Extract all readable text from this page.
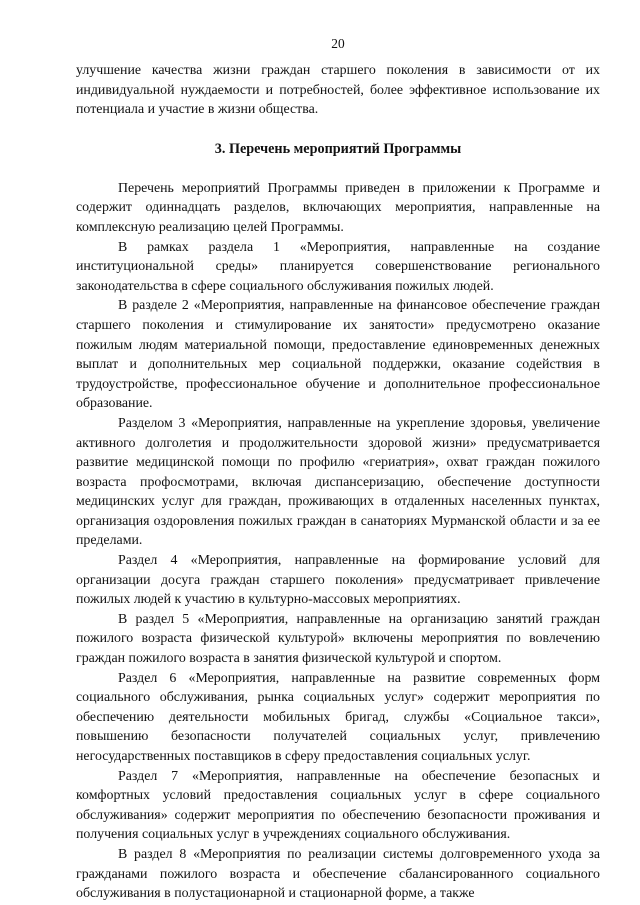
20

улучшение качества жизни граждан старшего поколения в зависимости от их индивидуальной нуждаемости и потребностей, более эффективное использование их потенциала и участие в жизни общества.

3. Перечень мероприятий Программы

Перечень мероприятий Программы приведен в приложении к Программе и содержит одиннадцать разделов, включающих мероприятия, направленные на комплексную реализацию целей Программы.

В рамках раздела 1 «Мероприятия, направленные на создание институциональной среды» планируется совершенствование регионального законодательства в сфере социального обслуживания пожилых людей.

В разделе 2 «Мероприятия, направленные на финансовое обеспечение граждан старшего поколения и стимулирование их занятости» предусмотрено оказание пожилым людям материальной помощи, предоставление единовременных денежных выплат и дополнительных мер социальной поддержки, оказание содействия в трудоустройстве, профессиональное обучение и дополнительное профессиональное образование.

Разделом 3 «Мероприятия, направленные на укрепление здоровья, увеличение активного долголетия и продолжительности здоровой жизни» предусматривается развитие медицинской помощи по профилю «гериатрия», охват граждан пожилого возраста профосмотрами, включая диспансеризацию, обеспечение доступности медицинских услуг для граждан, проживающих в отдаленных населенных пунктах, организация оздоровления пожилых граждан в санаториях Мурманской области и за ее пределами.

Раздел 4 «Мероприятия, направленные на формирование условий для организации досуга граждан старшего поколения» предусматривает привлечение пожилых людей к участию в культурно-массовых мероприятиях.

В раздел 5 «Мероприятия, направленные на организацию занятий граждан пожилого возраста физической культурой» включены мероприятия по вовлечению граждан пожилого возраста в занятия физической культурой и спортом.

Раздел 6 «Мероприятия, направленные на развитие современных форм социального обслуживания, рынка социальных услуг» содержит мероприятия по обеспечению деятельности мобильных бригад, службы «Социальное такси», повышению безопасности получателей социальных услуг, привлечению негосударственных поставщиков в сферу предоставления социальных услуг.

Раздел 7 «Мероприятия, направленные на обеспечение безопасных и комфортных условий предоставления социальных услуг в сфере социального обслуживания» содержит мероприятия по обеспечению безопасности проживания и получения социальных услуг в учреждениях социального обслуживания.

В раздел 8 «Мероприятия по реализации системы долговременного ухода за гражданами пожилого возраста и обеспечение сбалансированного социального обслуживания в полустационарной и стационарной форме, а также
